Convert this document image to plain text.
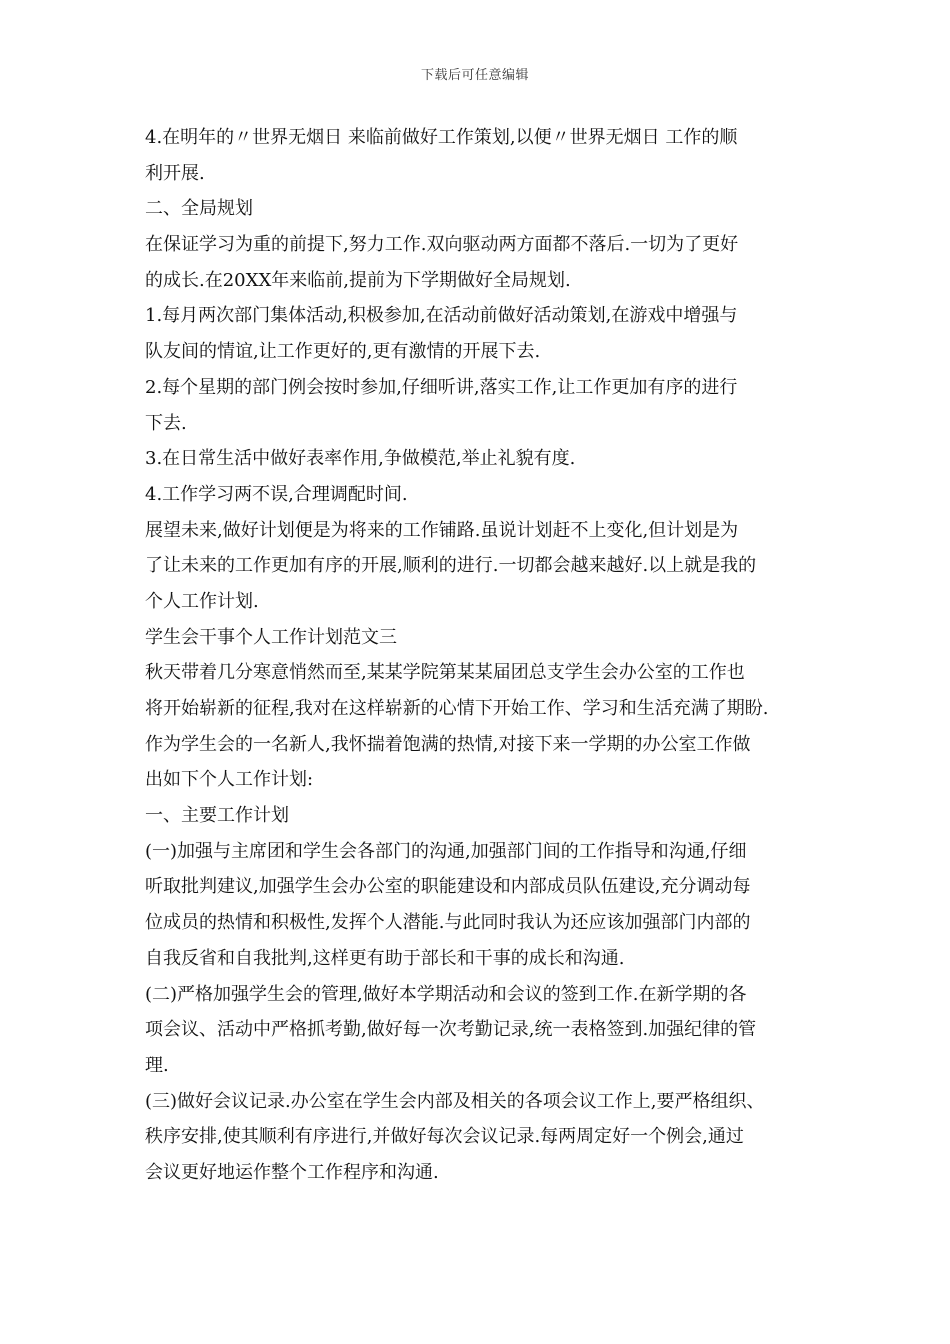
下载后可任意编辑
4.在明年的〃世界无烟日 来临前做好工作策划,以便〃世界无烟日 工作的顺
利开展.
二、全局规划
在保证学习为重的前提下,努力工作.双向驱动两方面都不落后.一切为了更好
的成长.在20XX年来临前,提前为下学期做好全局规划.
1.每月两次部门集体活动,积极参加,在活动前做好活动策划,在游戏中增强与
队友间的情谊,让工作更好的,更有激情的开展下去.
2.每个星期的部门例会按时参加,仔细听讲,落实工作,让工作更加有序的进行
下去.
3.在日常生活中做好表率作用,争做模范,举止礼貌有度.
4.工作学习两不误,合理调配时间.
展望未来,做好计划便是为将来的工作铺路.虽说计划赶不上变化,但计划是为
了让未来的工作更加有序的开展,顺利的进行.一切都会越来越好.以上就是我的
个人工作计划.
学生会干事个人工作计划范文三
秋天带着几分寒意悄然而至,某某学院第某某届团总支学生会办公室的工作也
将开始崭新的征程,我对在这样崭新的心情下开始工作、学习和生活充满了期盼.
作为学生会的一名新人,我怀揣着饱满的热情,对接下来一学期的办公室工作做
出如下个人工作计划:
一、主要工作计划
(一)加强与主席团和学生会各部门的沟通,加强部门间的工作指导和沟通,仔细
听取批判建议,加强学生会办公室的职能建设和内部成员队伍建设,充分调动每
位成员的热情和积极性,发挥个人潜能.与此同时我认为还应该加强部门内部的
自我反省和自我批判,这样更有助于部长和干事的成长和沟通.
(二)严格加强学生会的管理,做好本学期活动和会议的签到工作.在新学期的各
项会议、活动中严格抓考勤,做好每一次考勤记录,统一表格签到.加强纪律的管
理.
(三)做好会议记录.办公室在学生会内部及相关的各项会议工作上,要严格组织、
秩序安排,使其顺利有序进行,并做好每次会议记录.每两周定好一个例会,通过
会议更好地运作整个工作程序和沟通.
